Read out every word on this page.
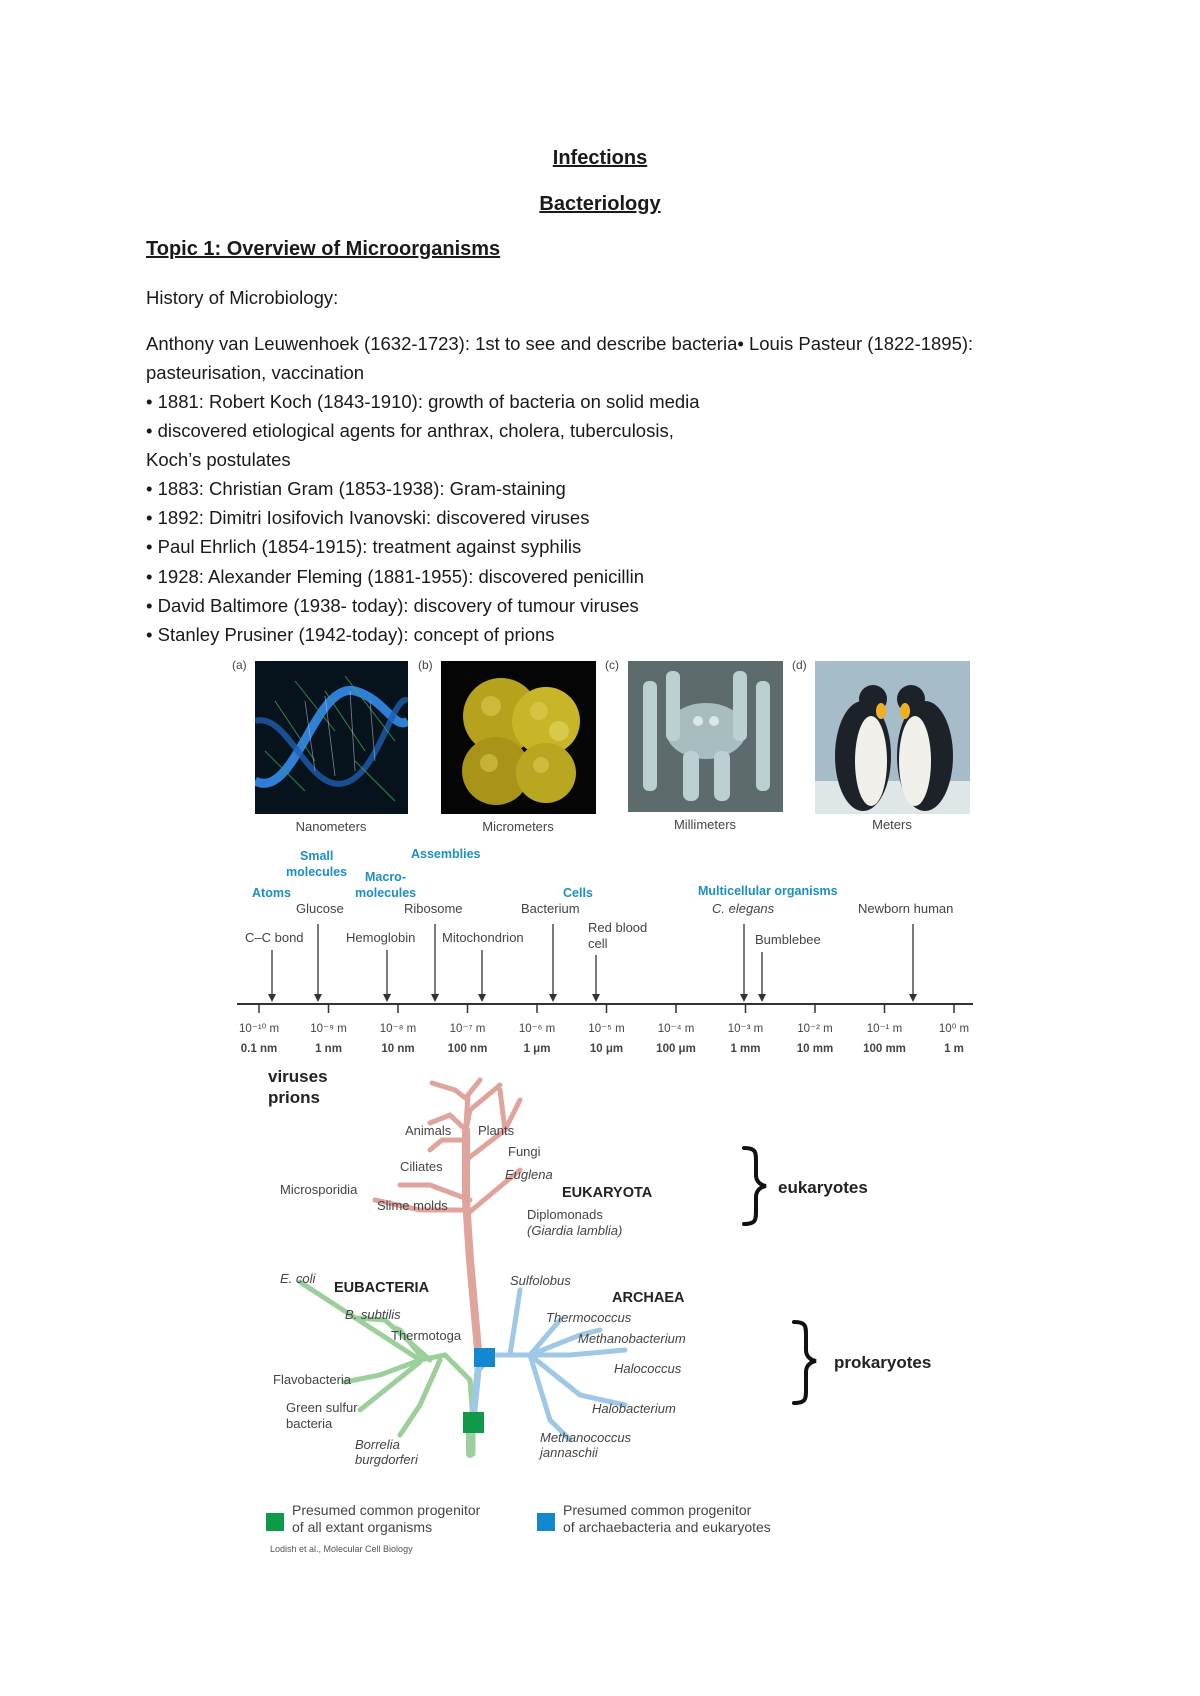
Infections
Bacteriology
Topic 1: Overview of Microorganisms
History of Microbiology:
Anthony van Leuwenhoek (1632-1723): 1st to see and describe bacteria• Louis Pasteur (1822-1895):
pasteurisation, vaccination
• 1881: Robert Koch (1843-1910): growth of bacteria on solid media
• discovered etiological agents for anthrax, cholera, tuberculosis,
Koch’s postulates
• 1883: Christian Gram (1853-1938): Gram-staining
• 1892: Dimitri Iosifovich Ivanovski: discovered viruses
• Paul Ehrlich (1854-1915): treatment against syphilis
• 1928: Alexander Fleming (1881-1955): discovered penicillin
• David Baltimore (1938- today): discovery of tumour viruses
• Stanley Prusiner (1942-today): concept of prions
(a)	(b)	(c)	(d)
Nanometers	Micrometers	Millimeters	Meters
Small
molecules
Assemblies
Macro-
molecules
Atoms	Cells	Multicellular organisms
Glucose	Ribosome	Bacterium	C. elegans	Newborn human
C–C bond	Hemoglobin Mitochondrion
Red blood
cell	Bumblebee
10⁻¹⁰ m
0.1 nm
10⁻⁹ m
1 nm
10⁻⁸ m
10 nm
10⁻⁷ m
100 nm
10⁻⁶ m
1 μm
10⁻⁵ m
10 μm
10⁻⁴ m
100 μm
10⁻³ m
1 mm
10⁻² m
10 mm
10⁻¹ m
100 mm
10⁰ m
1 m
viruses
prions
Animals Plants
Fungi
Ciliates
Euglena
Microsporidia
Slime molds
Diplomonads
(Giardia lamblia)
E. coli
B. subtilis
Thermotoga
Flavobacteria
Green sulfur
bacteria
Borrelia
burgdorferi
Sulfolobus
Thermococcus
Methanobacterium
Halococcus
Halobacterium
Methanococcus
jannaschii
EUKARYOTA
EUBACTERIA
ARCHAEA
eukaryotes
prokaryotes
Presumed common progenitor
of all extant organisms
Presumed common progenitor
of archaebacteria and eukaryotes
Lodish et al., Molecular Cell Biology
